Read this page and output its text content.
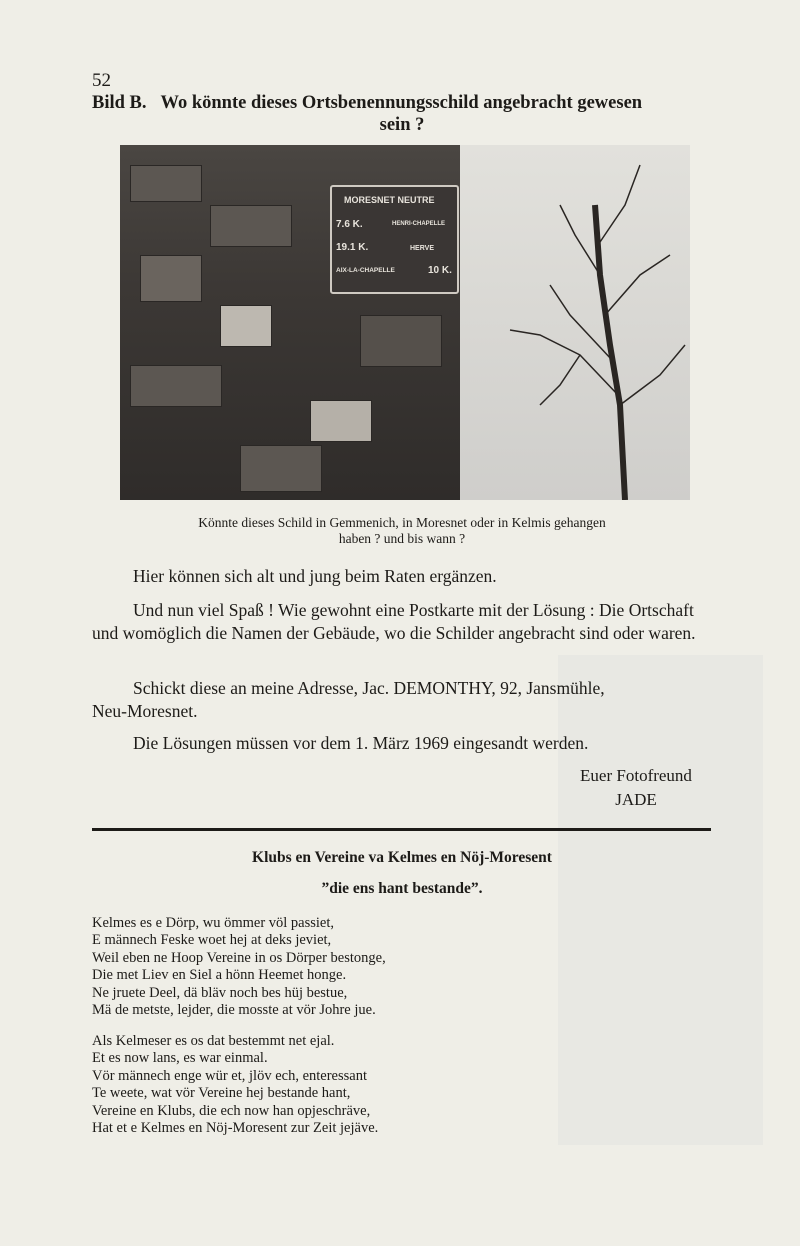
52
Bild B. Wo könnte dieses Ortsbenennungsschild angebracht gewesen
sein ?
MORESNET NEUTRE
7.6 K.	HENRI-CHAPELLE
19.1 K.	HERVE
AIX-LA-CHAPELLE	10 K.
Könnte dieses Schild in Gemmenich, in Moresnet oder in Kelmis gehangen
haben ? und bis wann ?
Hier können sich alt und jung beim Raten ergänzen.
Und nun viel Spaß ! Wie gewohnt eine Postkarte mit der Lösung : Die Ortschaft und womöglich die Namen der Gebäude, wo die Schilder angebracht sind oder waren.
Schickt diese an meine Adresse, Jac. DEMONTHY, 92, Jansmühle, Neu-Moresnet.
Die Lösungen müssen vor dem 1. März 1969 eingesandt werden.
Euer Fotofreund
JADE
Klubs en Vereine va Kelmes en Nöj-Moresent
”die ens hant bestande”.
Kelmes es e Dörp, wu ömmer völ passiet,
E männech Feske woet hej at deks jeviet,
Weil eben ne Hoop Vereine in os Dörper bestonge,
Die met Liev en Siel a hönn Heemet honge.
Ne jruete Deel, dä bläv noch bes hüj bestue,
Mä de metste, lejder, die mosste at vör Johre jue.
Als Kelmeser es os dat bestemmt net ejal.
Et es now lans, es war einmal.
Vör männech enge wür et, jlöv ech, enteressant
Te weete, wat vör Vereine hej bestande hant,
Vereine en Klubs, die ech now han opjeschräve,
Hat et e Kelmes en Nöj-Moresent zur Zeit jejäve.
